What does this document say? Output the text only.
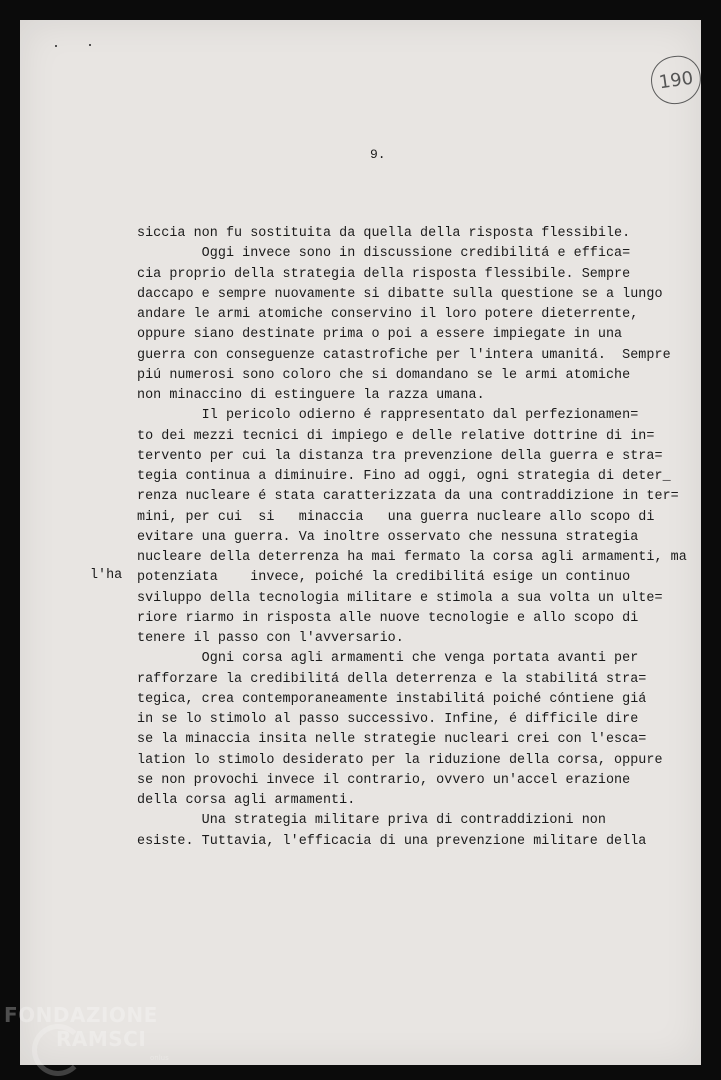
190
9.
l'ha
siccia non fu sostituita da quella della risposta flessibile.
Oggi invece sono in discussione credibilitá e effica=
cia proprio della strategia della risposta flessibile. Sempre
daccapo e sempre nuovamente si dibatte sulla questione se a lungo
andare le armi atomiche conservino il loro potere dieterrente,
oppure siano destinate prima o poi a essere impiegate in una
guerra con conseguenze catastrofiche per l'intera umanitá.  Sempre
piú numerosi sono coloro che si domandano se le armi atomiche
non minaccino di estinguere la razza umana.
Il pericolo odierno é rappresentato dal perfezionamen=
to dei mezzi tecnici di impiego e delle relative dottrine di in=
tervento per cui la distanza tra prevenzione della guerra e stra=
tegia continua a diminuire. Fino ad oggi, ogni strategia di deter_
renza nucleare é stata caratterizzata da una contraddizione in ter=
mini, per cui  si   minaccia   una guerra nucleare allo scopo di
evitare una guerra. Va inoltre osservato che nessuna strategia
nucleare della deterrenza ha mai fermato la corsa agli armamenti, ma
potenziata    invece, poiché la credibilitá esige un continuo
sviluppo della tecnologia militare e stimola a sua volta un ulte=
riore riarmo in risposta alle nuove tecnologie e allo scopo di
tenere il passo con l'avversario.
Ogni corsa agli armamenti che venga portata avanti per
rafforzare la credibilitá della deterrenza e la stabilitá stra=
tegica, crea contemporaneamente instabilitá poiché cóntiene giá
in se lo stimolo al passo successivo. Infine, é difficile dire
se la minaccia insita nelle strategie nucleari crei con l'esca=
lation lo stimolo desiderato per la riduzione della corsa, oppure
se non provochi invece il contrario, ovvero un'accel erazione
della corsa agli armamenti.
Una strategia militare priva di contraddizioni non
esiste. Tuttavia, l'efficacia di una prevenzione militare della
FONDAZIONE
RAMSCI
onlus
